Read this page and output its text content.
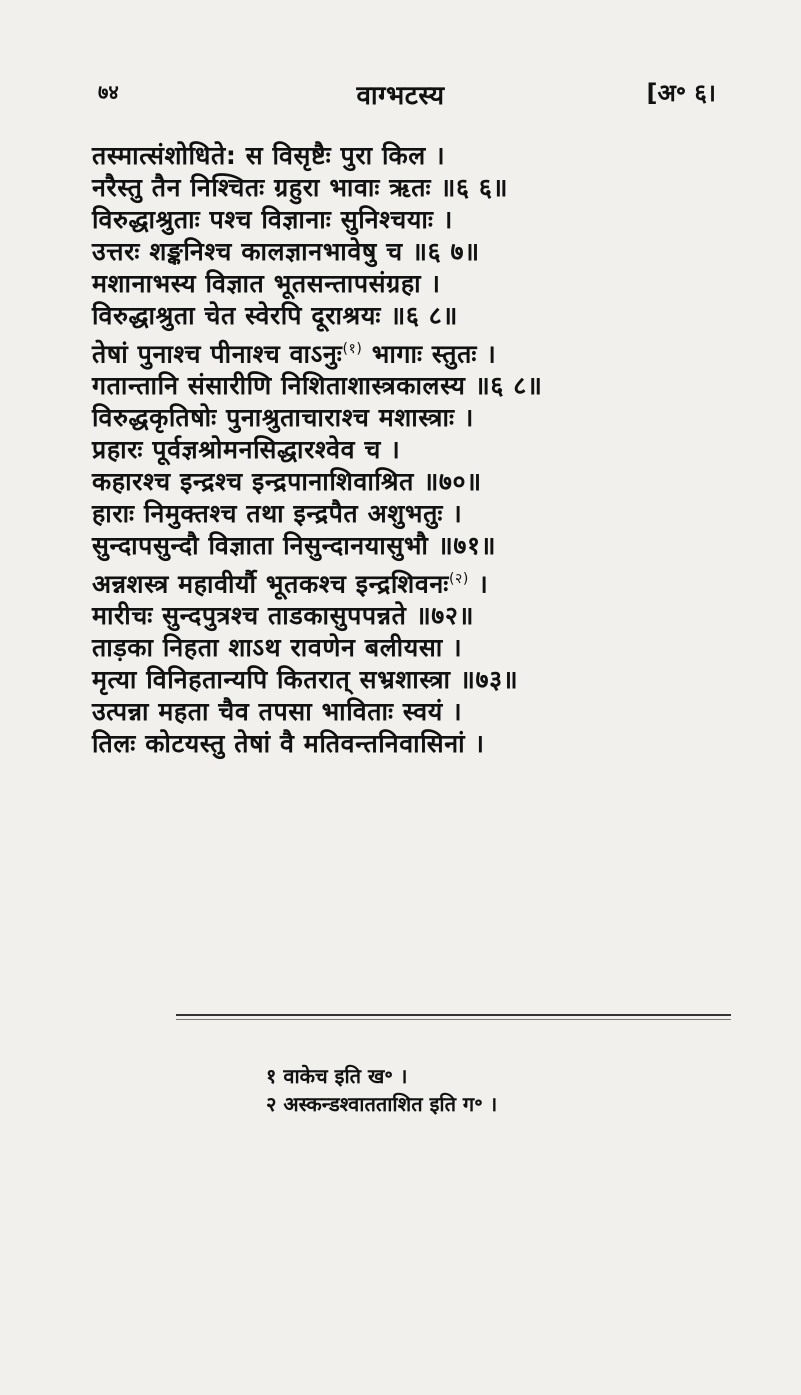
७४	वाग्भटस्य	[अ॰ ६।
तस्मात्संशोधिते: स विसृष्टैः पुरा किल ।
नरैस्तु तैन निश्चितः ग्रहुरा भावाः ऋतः ॥६ ६॥
विरुद्धाश्रुताः पश्च विज्ञानाः सुनिश्चयाः ।
उत्तरः शङ्कनिश्च कालज्ञानभावेषु च ॥६ ७॥
मशानाभस्य विज्ञात भूतसन्तापसंग्रहा ।
विरुद्धाश्रुता चेत स्वेरपि दूराश्रयः ॥६ ८॥
तेषां पुनाश्च पीनाश्च वाऽनुः$^{(१)}$ भागाः स्तुतः ।
गतान्तानि संसारीणि निशिताशास्त्रकालस्य ॥६ ८॥
विरुद्धकृतिषोः पुनाश्रुताचाराश्च मशास्त्राः ।
प्रहारः पूर्वज्ञश्रोमनसिद्धारश्वेव च ।
कहारश्च इन्द्रश्च इन्द्रपानाशिवाश्रित ॥७०॥
हाराः निमुक्तश्च तथा इन्द्रपैत अशुभतुः ।
सुन्दापसुन्दौ विज्ञाता निसुन्दानयासुभौ ॥७१॥
अन्नशस्त्र महावीर्यौ भूतकश्च इन्द्रशिवनः$^{(२)}$ ।
मारीचः सुन्दपुत्रश्च ताडकासुपपन्नते ॥७२॥
ताड़का निहता शाऽथ रावणेन बलीयसा ।
मृत्या विनिहतान्यपि कितरात् सभ्रशास्त्रा ॥७३॥
उत्पन्ना महता चैव तपसा भाविताः स्वयं ।
तिलः कोटयस्तु तेषां वै मतिवन्तनिवासिनां ।
१ वाकेच इति ख॰ ।
२ अस्कन्डश्वातताशित इति ग॰ ।
